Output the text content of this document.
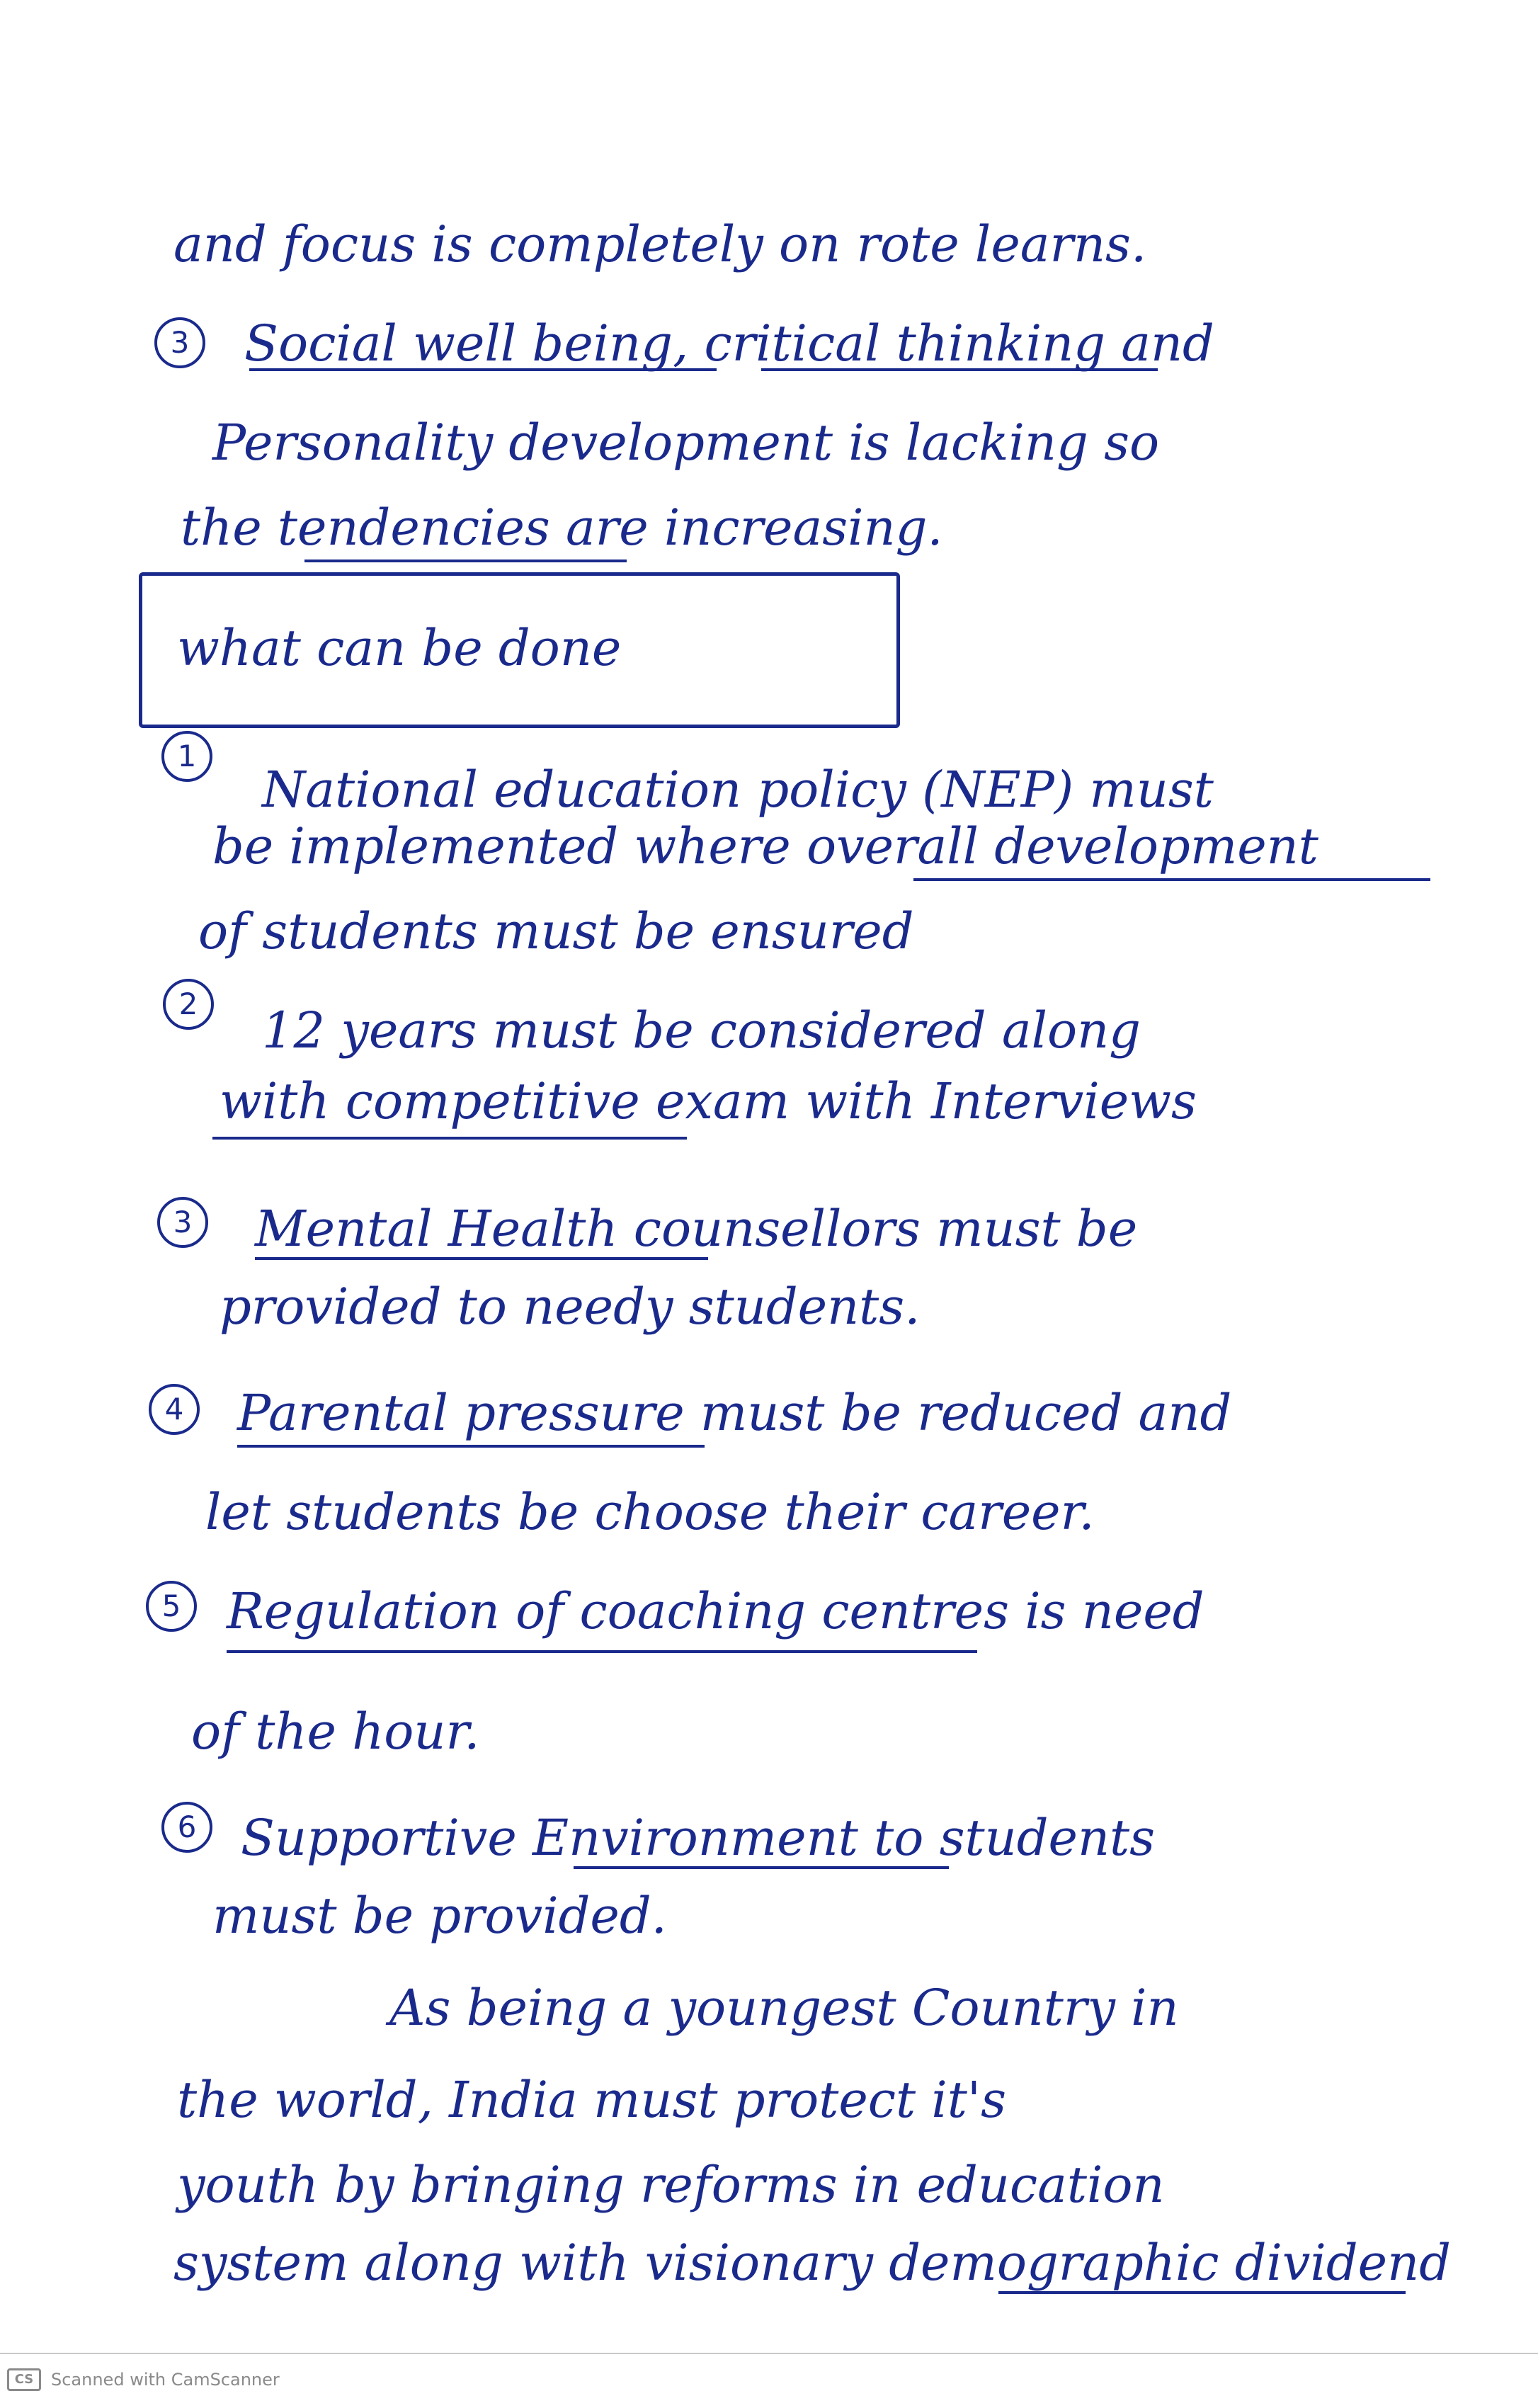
and focus is completely on rote learns.

Social well being, critical thinking and

Personality development is lacking so

the tendencies are increasing.

what can be done

National education policy (NEP) must

be implemented where overall development

of students must be ensured

12 years must be considered along

with competitive exam with Interviews

Mental Health counsellors must be

provided to needy students.

Parental pressure must be reduced and

let students be choose their career.

Regulation of coaching centres is need

of the hour.

Supportive Environment to students

must be provided.

As being a youngest Country in

the world, India must protect it's

youth by bringing reforms in education

system along with visionary demographic dividend

3
1
2
3
4
5
6
CS	Scanned with CamScanner
